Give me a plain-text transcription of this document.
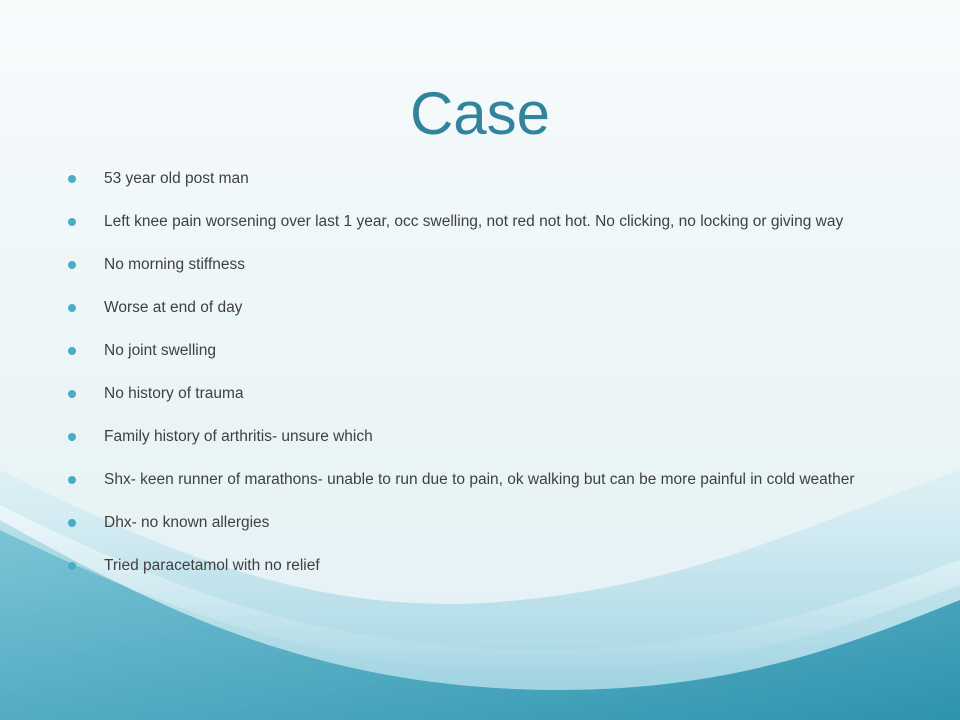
Case
53 year old post man
Left knee pain worsening over last 1 year, occ swelling, not red not hot. No clicking, no locking or giving way
No morning stiffness
Worse at end of day
No joint swelling
No history of trauma
Family history of arthritis- unsure which
Shx- keen runner of marathons- unable to run due to pain, ok walking but can be more painful in cold weather
Dhx- no known allergies
Tried paracetamol with no relief
